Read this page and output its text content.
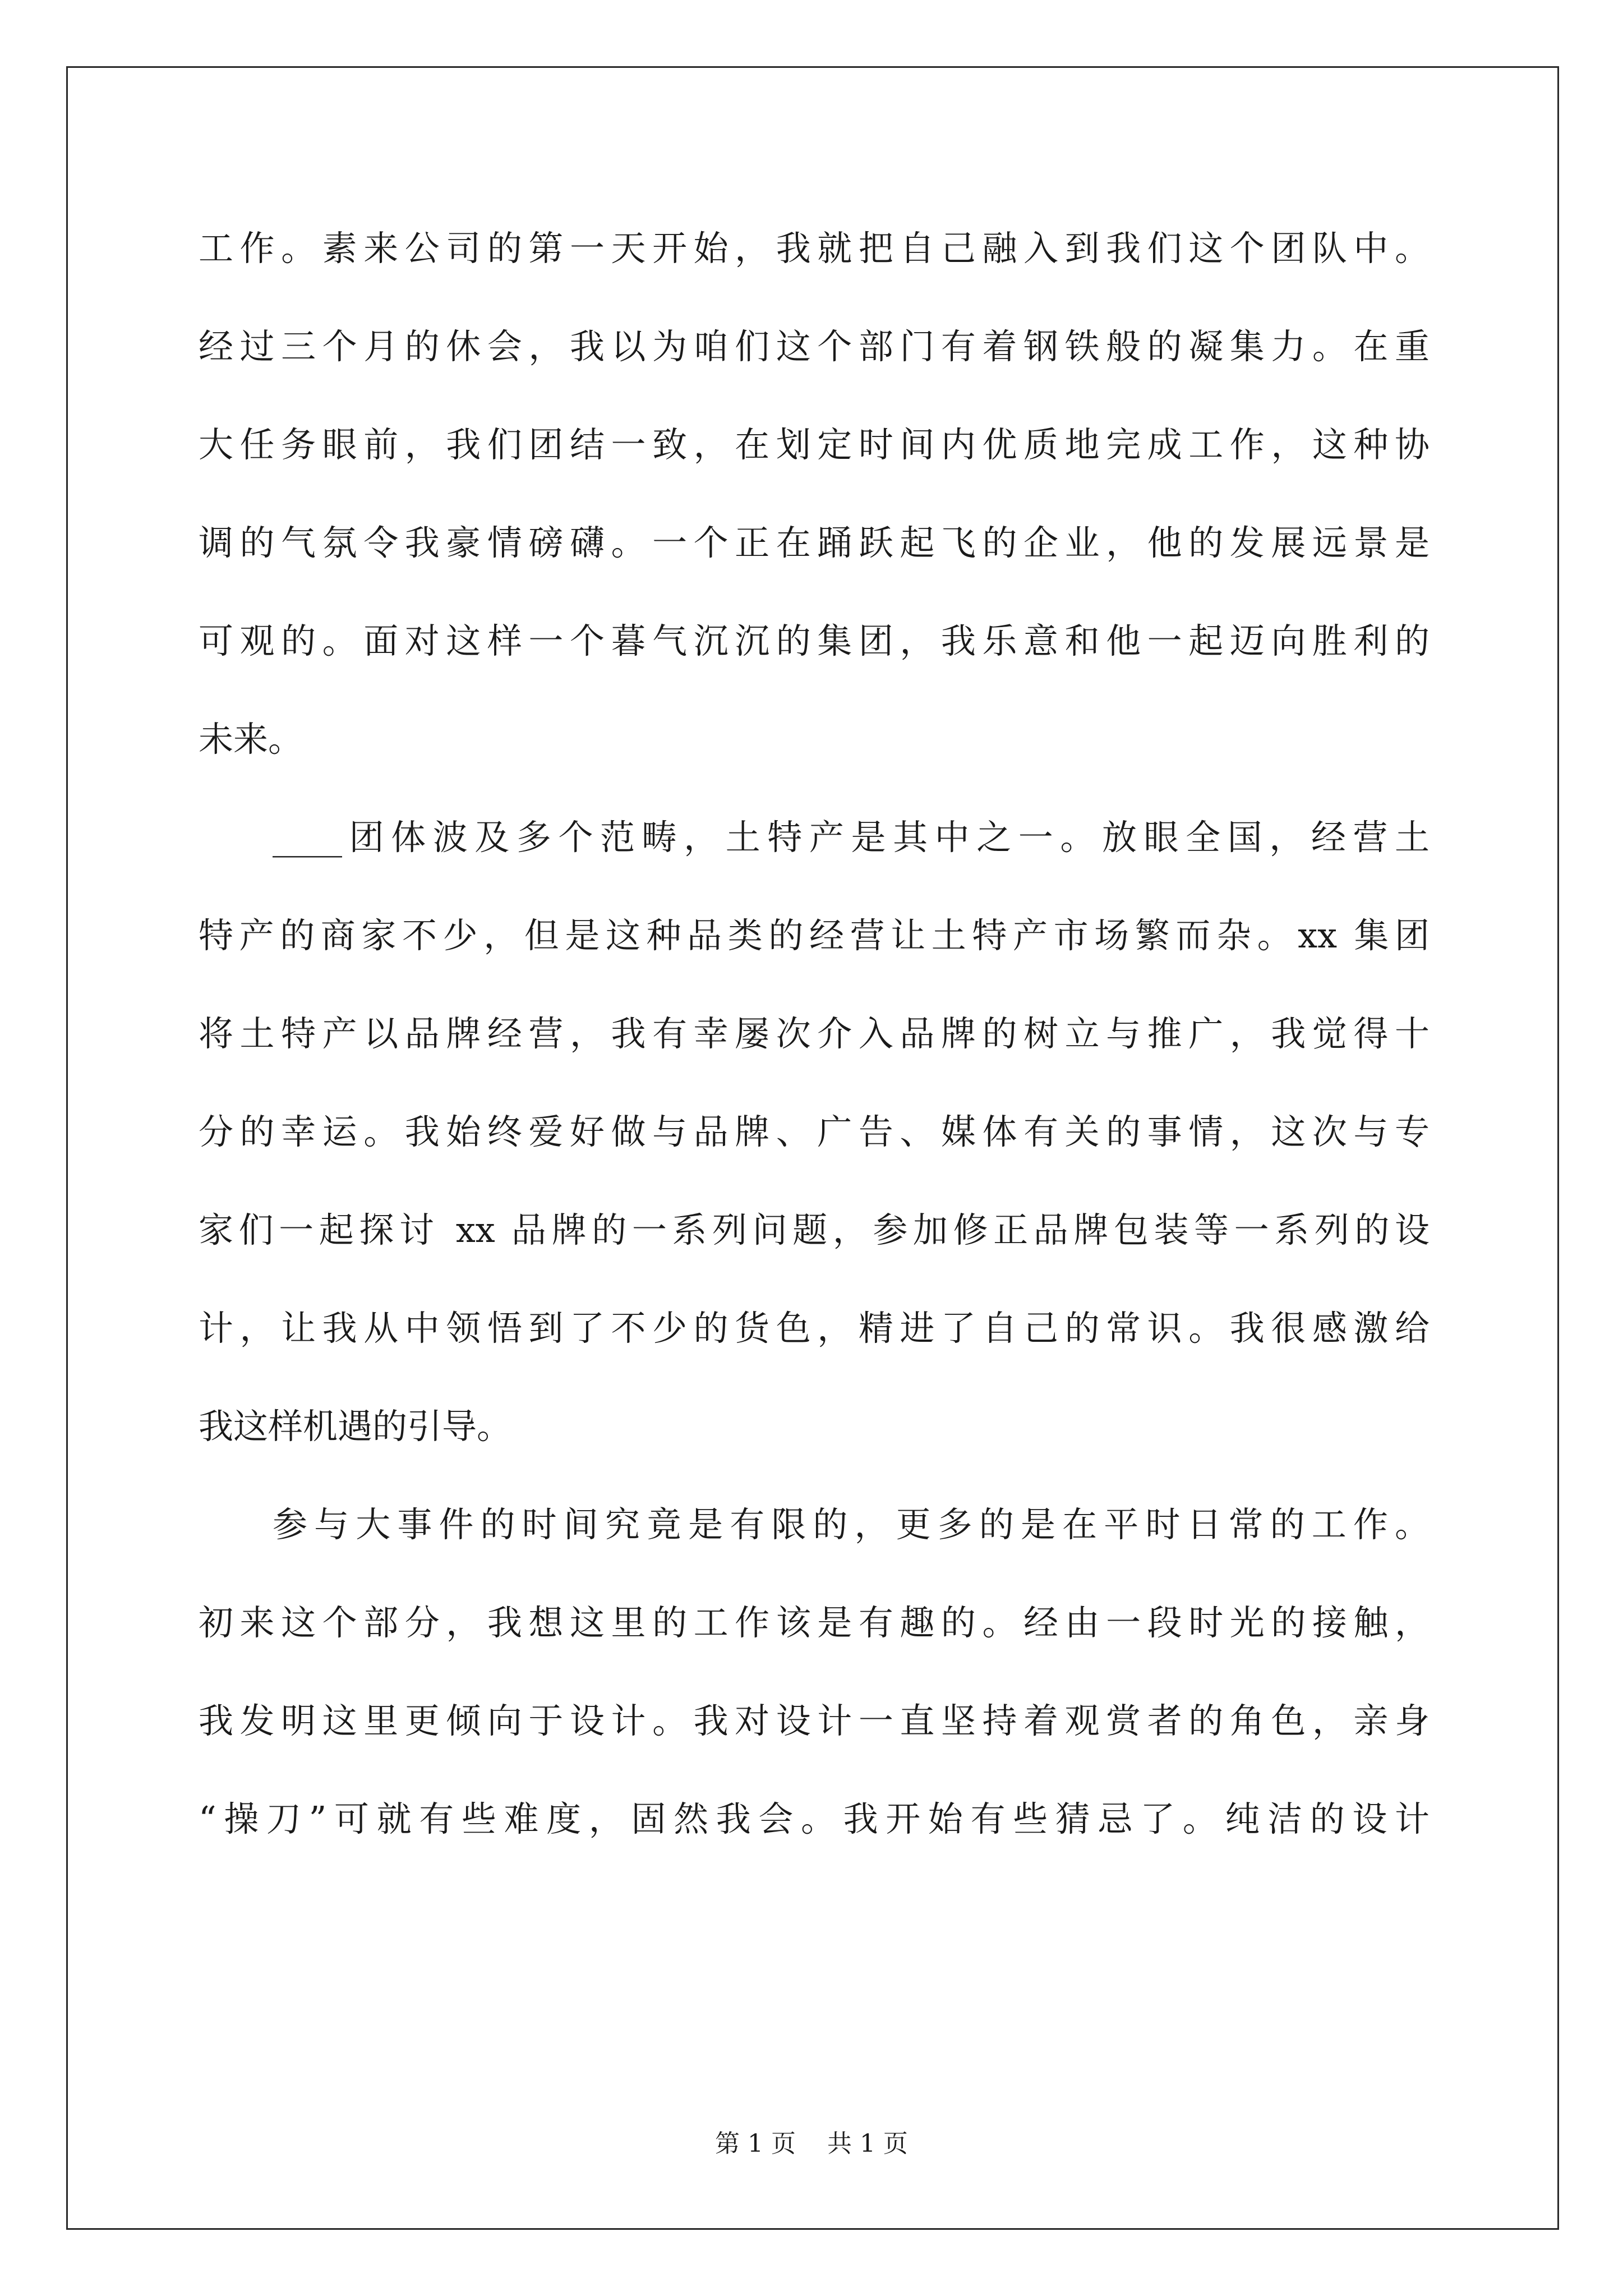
工作。素来公司的第一天开始，我就把自己融入到我们这个团队中。
经过三个月的休会，我以为咱们这个部门有着钢铁般的凝集力。在重
大任务眼前，我们团结一致，在划定时间内优质地完成工作，这种协
调的气氛令我豪情磅礴。一个正在踊跃起飞的企业，他的发展远景是
可观的。面对这样一个暮气沉沉的集团，我乐意和他一起迈向胜利的
未来。
____团体波及多个范畴，土特产是其中之一。放眼全国，经营土
特产的商家不少，但是这种品类的经营让土特产市场繁而杂。xx 集团
将土特产以品牌经营，我有幸屡次介入品牌的树立与推广，我觉得十
分的幸运。我始终爱好做与品牌、广告、媒体有关的事情，这次与专
家们一起探讨 xx 品牌的一系列问题，参加修正品牌包装等一系列的设
计，让我从中领悟到了不少的货色，精进了自己的常识。我很感激给
我这样机遇的引导。
参与大事件的时间究竟是有限的，更多的是在平时日常的工作。
初来这个部分，我想这里的工作该是有趣的。经由一段时光的接触，
我发明这里更倾向于设计。我对设计一直坚持着观赏者的角色，亲身
“操刀”可就有些难度，固然我会。我开始有些猜忌了。纯洁的设计
第 1 页    共 1 页
